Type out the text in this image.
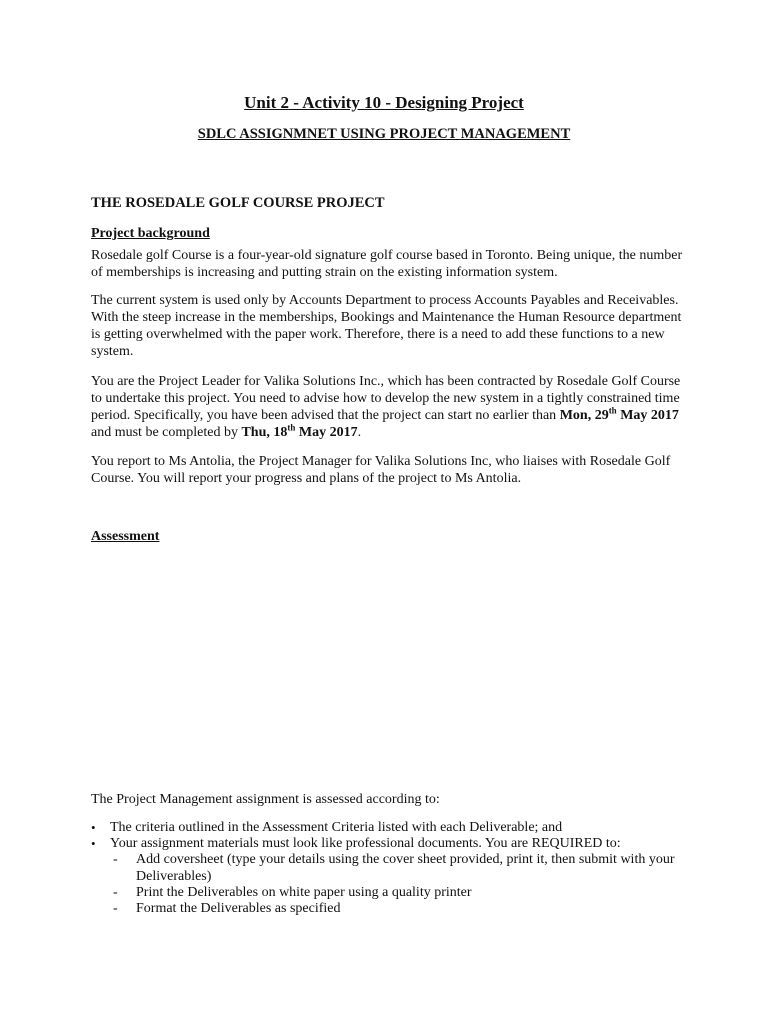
Unit 2 - Activity 10 - Designing Project
SDLC ASSIGNMNET USING PROJECT MANAGEMENT
THE ROSEDALE GOLF COURSE PROJECT
Project background
Rosedale golf Course is a four-year-old signature golf course based in Toronto. Being unique, the number
of memberships is increasing and putting strain on the existing information system.
The current system is used only by Accounts Department to process Accounts Payables and Receivables.
With the steep increase in the memberships, Bookings and Maintenance the Human Resource department
is getting overwhelmed with the paper work. Therefore, there is a need to add these functions to a new
system.
You are the Project Leader for Valika Solutions Inc., which has been contracted by Rosedale Golf Course
to undertake this project. You need to advise how to develop the new system in a tightly constrained time
period. Specifically, you have been advised that the project can start no earlier than Mon, 29th May 2017
and must be completed by Thu, 18th May 2017.
You report to Ms Antolia, the Project Manager for Valika Solutions Inc, who liaises with Rosedale Golf
Course. You will report your progress and plans of the project to Ms Antolia.
Assessment
The Project Management assignment is assessed according to:
• The criteria outlined in the Assessment Criteria listed with each Deliverable; and
• Your assignment materials must look like professional documents. You are REQUIRED to:
- Add coversheet (type your details using the cover sheet provided, print it, then submit with your
Deliverables)
- Print the Deliverables on white paper using a quality printer
- Format the Deliverables as specified
